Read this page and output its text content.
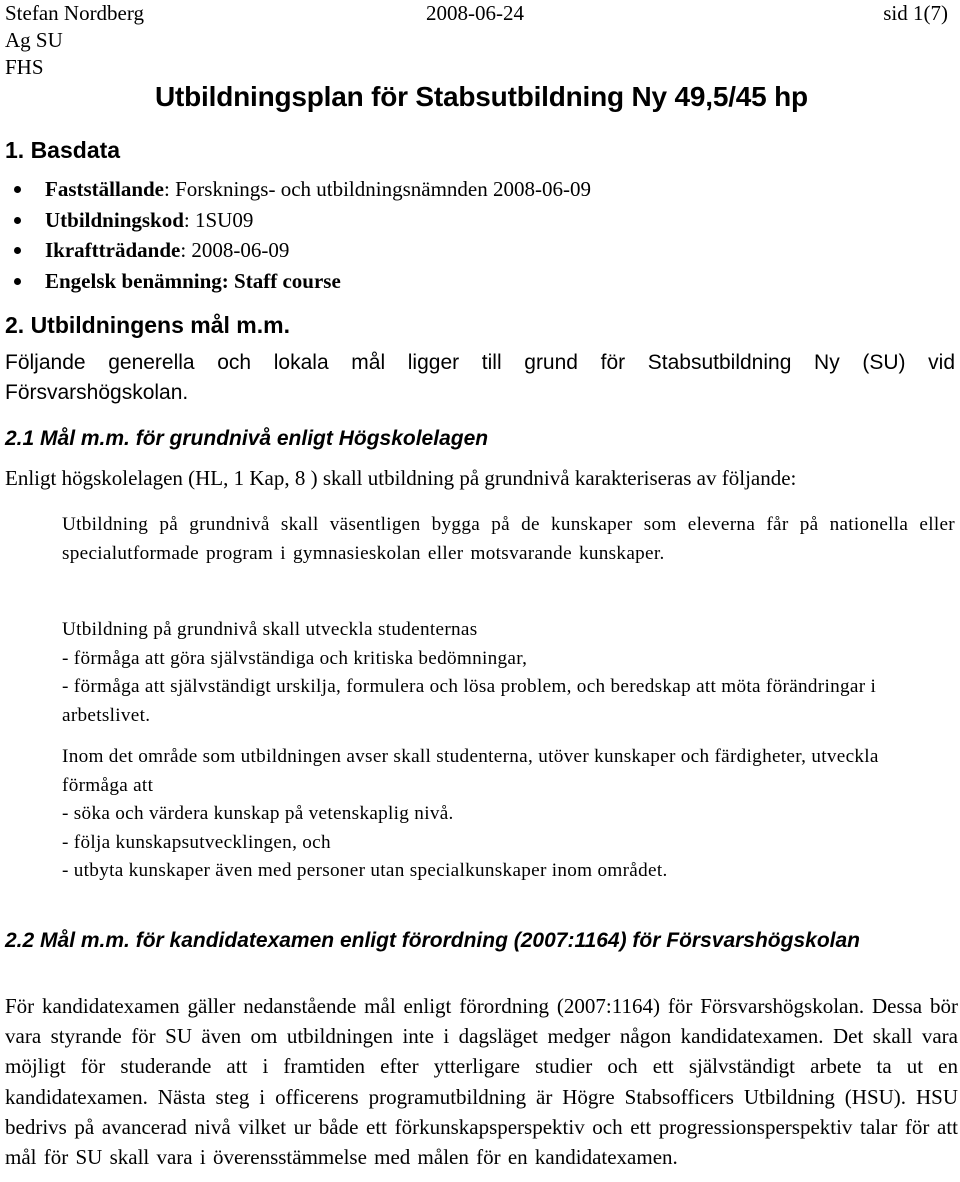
Stefan Nordberg
Ag SU
FHS
2008-06-24	sid 1(7)
Utbildningsplan för Stabsutbildning Ny 49,5/45 hp
1. Basdata
Fastställande: Forsknings- och utbildningsnämnden 2008-06-09
Utbildningskod: 1SU09
Ikraftträdande: 2008-06-09
Engelsk benämning: Staff course
2. Utbildningens mål m.m.
Följande generella och lokala mål ligger till grund för Stabsutbildning Ny (SU) vid Försvarshögskolan.
2.1 Mål m.m. för grundnivå enligt Högskolelagen
Enligt högskolelagen (HL, 1 Kap, 8 ) skall utbildning på grundnivå karakteriseras av följande:
Utbildning på grundnivå skall väsentligen bygga på de kunskaper som eleverna får på nationella eller specialutformade program i gymnasieskolan eller motsvarande kunskaper.

Utbildning på grundnivå skall utveckla studenternas

- förmåga att göra självständiga och kritiska bedömningar,

- förmåga att självständigt urskilja, formulera och lösa problem, och beredskap att möta förändringar i arbetslivet.

Inom det område som utbildningen avser skall studenterna, utöver kunskaper och färdigheter, utveckla förmåga att

- söka och värdera kunskap på vetenskaplig nivå.

- följa kunskapsutvecklingen, och

- utbyta kunskaper även med personer utan specialkunskaper inom området.

2.2 Mål m.m. för kandidatexamen enligt förordning (2007:1164) för Försvarshögskolan
För kandidatexamen gäller nedanstående mål enligt förordning (2007:1164) för Försvarshögskolan. Dessa bör vara styrande för SU även om utbildningen inte i dagsläget medger någon kandidatexamen. Det skall vara möjligt för studerande att i framtiden efter ytterligare studier och ett självständigt arbete ta ut en kandidatexamen. Nästa steg i officerens programutbildning är Högre Stabsofficers Utbildning (HSU). HSU bedrivs på avancerad nivå vilket ur både ett förkunskapsperspektiv och ett progressionsperspektiv talar för att mål för SU skall vara i överensstämmelse med målen för en kandidatexamen.
